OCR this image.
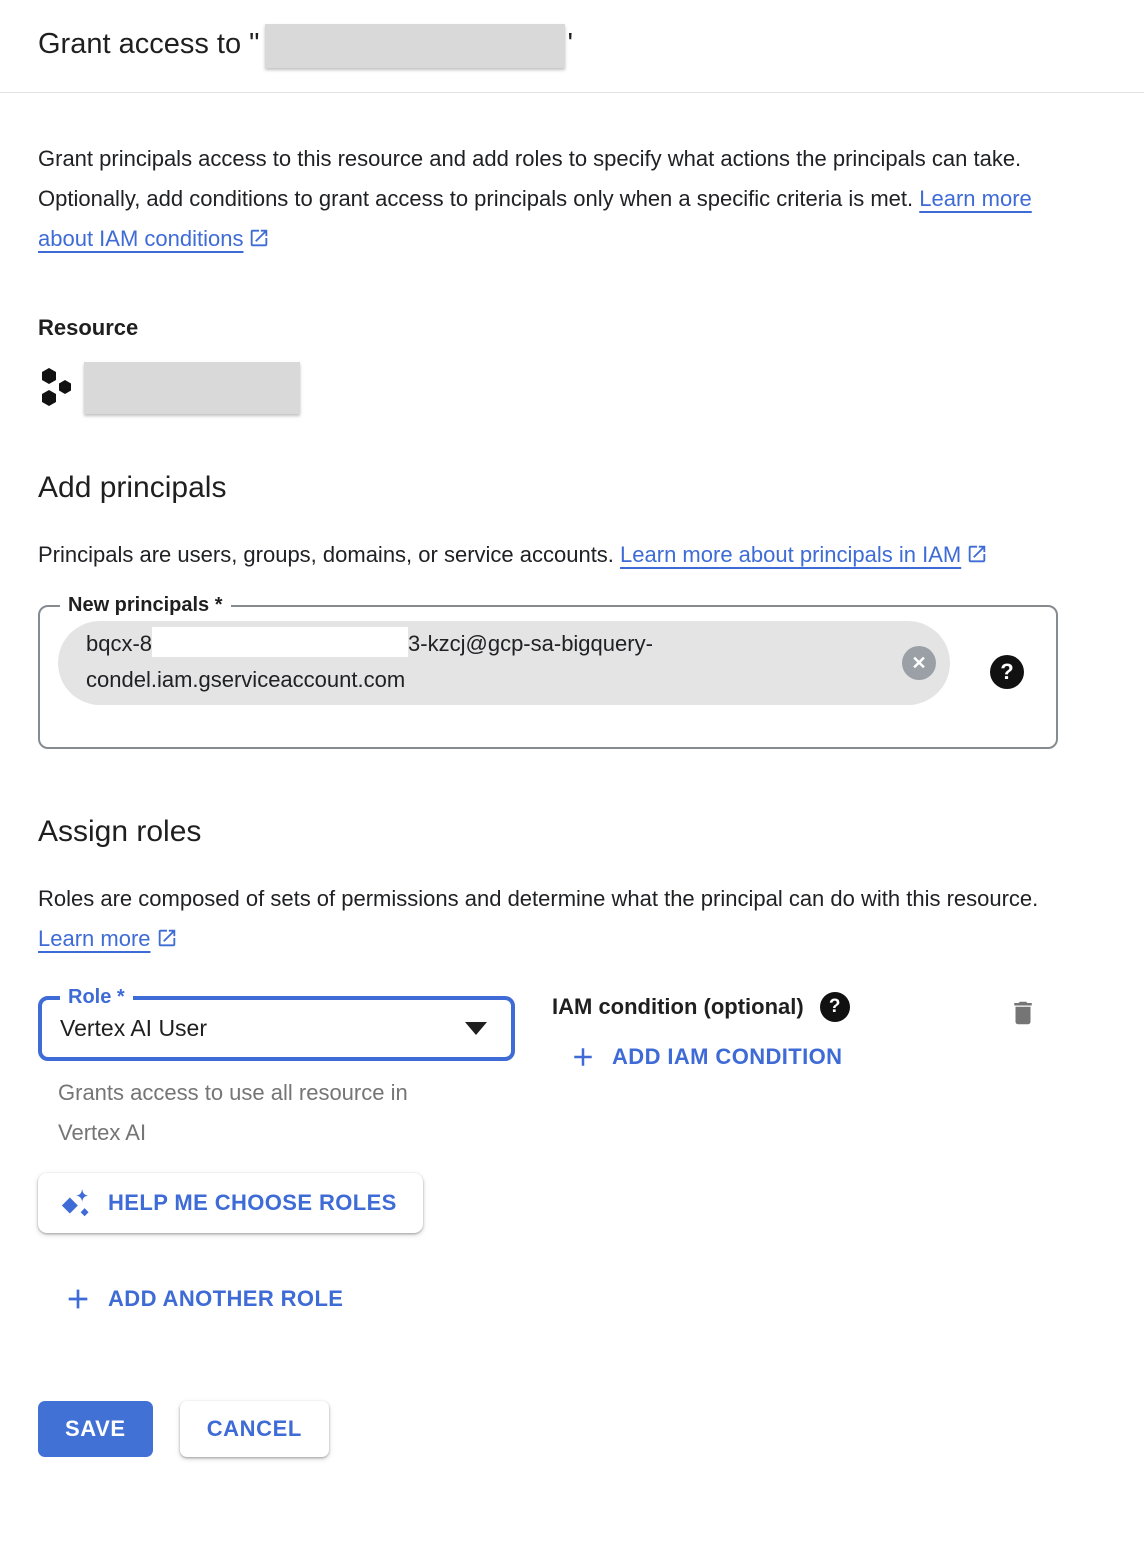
Grant access to "	'

Grant principals access to this resource and add roles to specify what actions the principals can take. Optionally, add conditions to grant access to principals only when a specific criteria is met. Learn more about IAM conditions

Resource
Add principals

Principals are users, groups, domains, or service accounts. Learn more about principals in IAM

New principals *
bqcx-8	3-kzcj@gcp-sa-bigquery-
condel.iam.gserviceaccount.com
✕	?
Assign roles

Roles are composed of sets of permissions and determine what the principal can do with this resource. Learn more

Role *
Vertex AI User
Grants access to use all resource in
Vertex AI
IAM condition (optional)	?
ADD IAM CONDITION
HELP ME CHOOSE ROLES
ADD ANOTHER ROLE
SAVE	CANCEL
